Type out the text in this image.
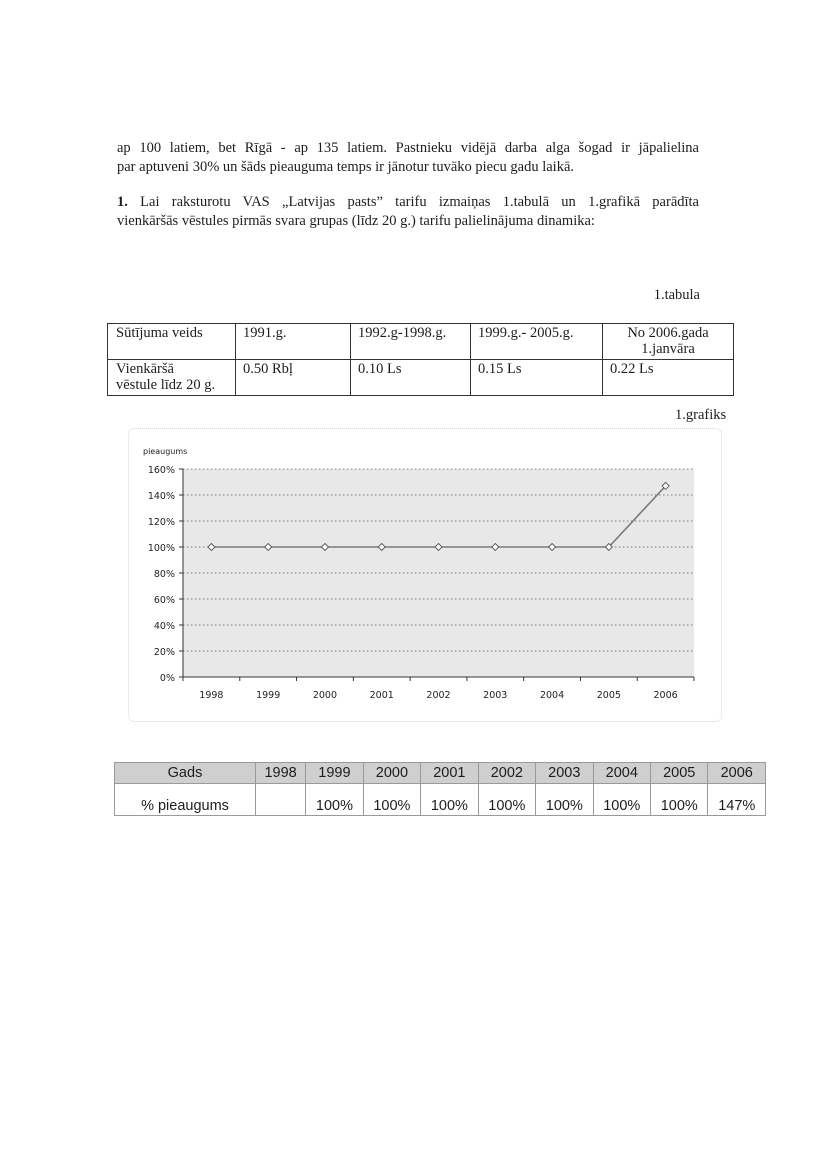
ap 100 latiem, bet Rīgā - ap 135 latiem. Pastnieku vidējā darba alga šogad ir jāpalielina
par aptuveni 30% un šāds pieauguma temps ir jānotur tuvāko piecu gadu laikā.
1. Lai raksturotu VAS „Latvijas pasts” tarifu izmaiņas 1.tabulā un 1.grafikā parādīta
vienkāršās vēstules pirmās svara grupas (līdz 20 g.) tarifu palielinājuma dinamika:
1.tabula
Sūtījuma veids	1991.g.	1992.g-1998.g.	1999.g.- 2005.g.	No 2006.gada
1.janvāra
Vienkāršā
vēstule līdz 20 g.	0.50 Rbļ	0.10 Ls	0.15 Ls	0.22 Ls
1.grafiks
0%
20%
40%
60%
80%
100%
120%
140%
160%
1998	1999	2000	2001	2002	2003	2004	2005	2006
pieaugums
Gads	1998	1999	2000	2001	2002	2003	2004	2005	2006
% pieaugums		100%	100%	100%	100%	100%	100%	100%	147%
